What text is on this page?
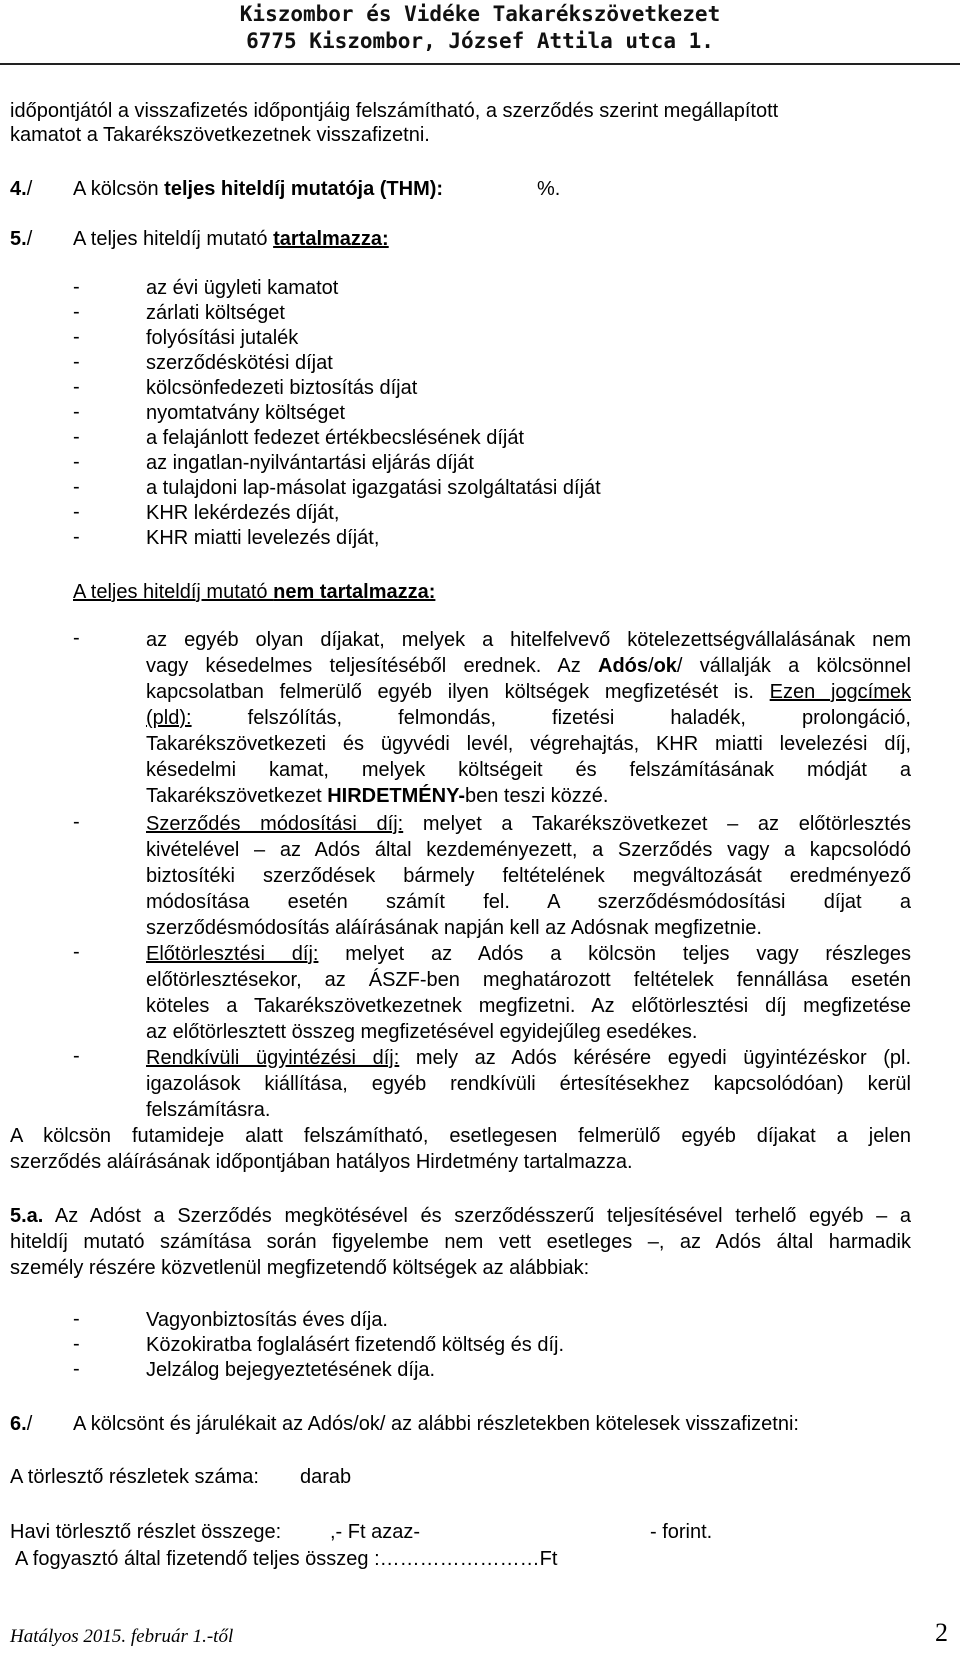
Kiszombor és Vidéke Takarékszövetkezet
6775 Kiszombor, József Attila utca 1.
időpontjától a visszafizetés időpontjáig felszámítható, a szerződés szerint megállapított
kamatot a Takarékszövetkezetnek visszafizetni.
4./ A kölcsön teljes hiteldíj mutatója (THM):	%.
5./ A teljes hiteldíj mutató tartalmazza:
-	az évi ügyleti kamatot
-	zárlati költséget
-	folyósítási jutalék
-	szerződéskötési díjat
-	kölcsönfedezeti biztosítás díjat
-	nyomtatvány költséget
-	a felajánlott fedezet értékbecslésének díját
-	az ingatlan-nyilvántartási eljárás díját
-	a tulajdoni lap-másolat igazgatási szolgáltatási díját
-	KHR lekérdezés díját,
-	KHR miatti levelezés díját,
A teljes hiteldíj mutató nem tartalmazza:
-	az egyéb olyan díjakat, melyek a hitelfelvevő kötelezettségvállalásának nem
vagy késedelmes teljesítéséből erednek. Az Adós/ok/ vállalják a kölcsönnel
kapcsolatban felmerülő egyéb ilyen költségek megfizetését is. Ezen jogcímek
(pld): felszólítás, felmondás, fizetési haladék, prolongáció,
Takarékszövetkezeti és ügyvédi levél, végrehajtás, KHR miatti levelezési díj,
késedelmi kamat, melyek költségeit és felszámításának módját a
Takarékszövetkezet HIRDETMÉNY-ben teszi közzé.
-	Szerződés módosítási díj: melyet a Takarékszövetkezet – az előtörlesztés
kivételével – az Adós által kezdeményezett, a Szerződés vagy a kapcsolódó
biztosítéki szerződések bármely feltételének megváltozását eredményező
módosítása esetén számít fel. A szerződésmódosítási díjat a
szerződésmódosítás aláírásának napján kell az Adósnak megfizetnie.
-	Előtörlesztési díj: melyet az Adós a kölcsön teljes vagy részleges
előtörlesztésekor, az ÁSZF-ben meghatározott feltételek fennállása esetén
köteles a Takarékszövetkezetnek megfizetni. Az előtörlesztési díj megfizetése
az előtörlesztett összeg megfizetésével egyidejűleg esedékes.
-	Rendkívüli ügyintézési díj: mely az Adós kérésére egyedi ügyintézéskor (pl.
igazolások kiállítása, egyéb rendkívüli értesítésekhez kapcsolódóan) kerül
felszámításra.
A kölcsön futamideje alatt felszámítható, esetlegesen felmerülő egyéb díjakat a jelen
szerződés aláírásának időpontjában hatályos Hirdetmény tartalmazza.
5.a. Az Adóst a Szerződés megkötésével és szerződésszerű teljesítésével terhelő egyéb – a
hiteldíj mutató számítása során figyelembe nem vett esetleges –, az Adós által harmadik
személy részére közvetlenül megfizetendő költségek az alábbiak:
-	Vagyonbiztosítás éves díja.
-	Közokiratba foglalásért fizetendő költség és díj.
-	Jelzálog bejegyeztetésének díja.
6./ A kölcsönt és járulékait az Adós/ok/ az alábbi részletekben kötelesek visszafizetni:
A törlesztő részletek száma: darab
Havi törlesztő részlet összege: ,- Ft azaz-	- forint.
A fogyasztó által fizetendő teljes összeg :……………………Ft
Hatályos 2015. február 1.-től	2
